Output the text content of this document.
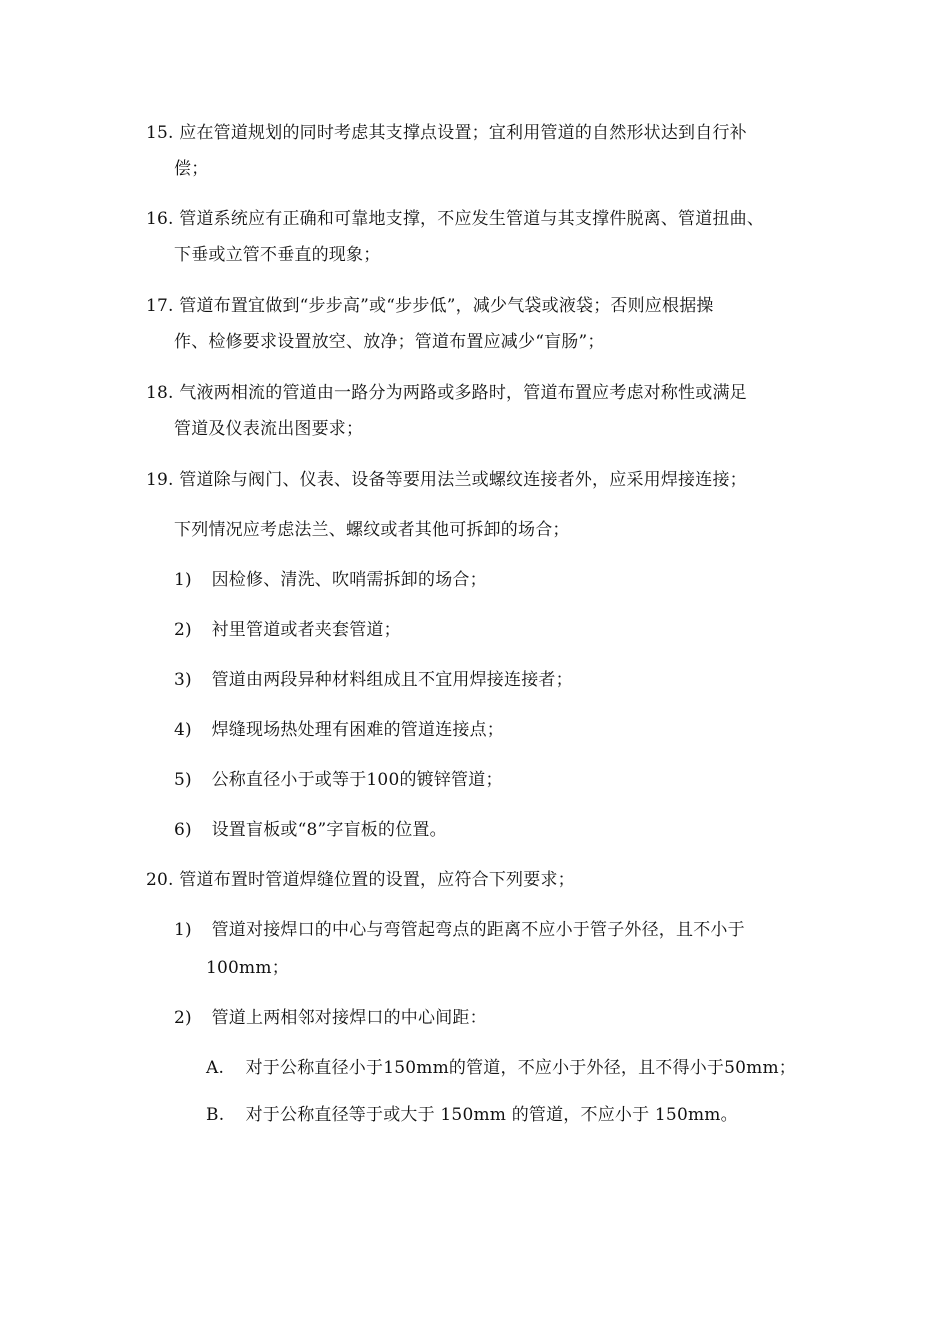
15. 应在管道规划的同时考虑其支撑点设置；宜利用管道的自然形状达到自行补
偿；
16. 管道系统应有正确和可靠地支撑，不应发生管道与其支撑件脱离、管道扭曲、
下垂或立管不垂直的现象；
17. 管道布置宜做到“步步高”或“步步低”，减少气袋或液袋；否则应根据操
作、检修要求设置放空、放净；管道布置应减少“盲肠”；
18. 气液两相流的管道由一路分为两路或多路时，管道布置应考虑对称性或满足
管道及仪表流出图要求；
19. 管道除与阀门、仪表、设备等要用法兰或螺纹连接者外，应采用焊接连接；
下列情况应考虑法兰、螺纹或者其他可拆卸的场合；
1) 因检修、清洗、吹哨需拆卸的场合；
2) 衬里管道或者夹套管道；
3) 管道由两段异种材料组成且不宜用焊接连接者；
4) 焊缝现场热处理有困难的管道连接点；
5) 公称直径小于或等于100的镀锌管道；
6) 设置盲板或“8”字盲板的位置。
20. 管道布置时管道焊缝位置的设置，应符合下列要求；
1) 管道对接焊口的中心与弯管起弯点的距离不应小于管子外径，且不小于
100mm；
2) 管道上两相邻对接焊口的中心间距：
A. 对于公称直径小于150mm的管道，不应小于外径，且不得小于50mm；
B. 对于公称直径等于或大于 150mm 的管道，不应小于 150mm。
